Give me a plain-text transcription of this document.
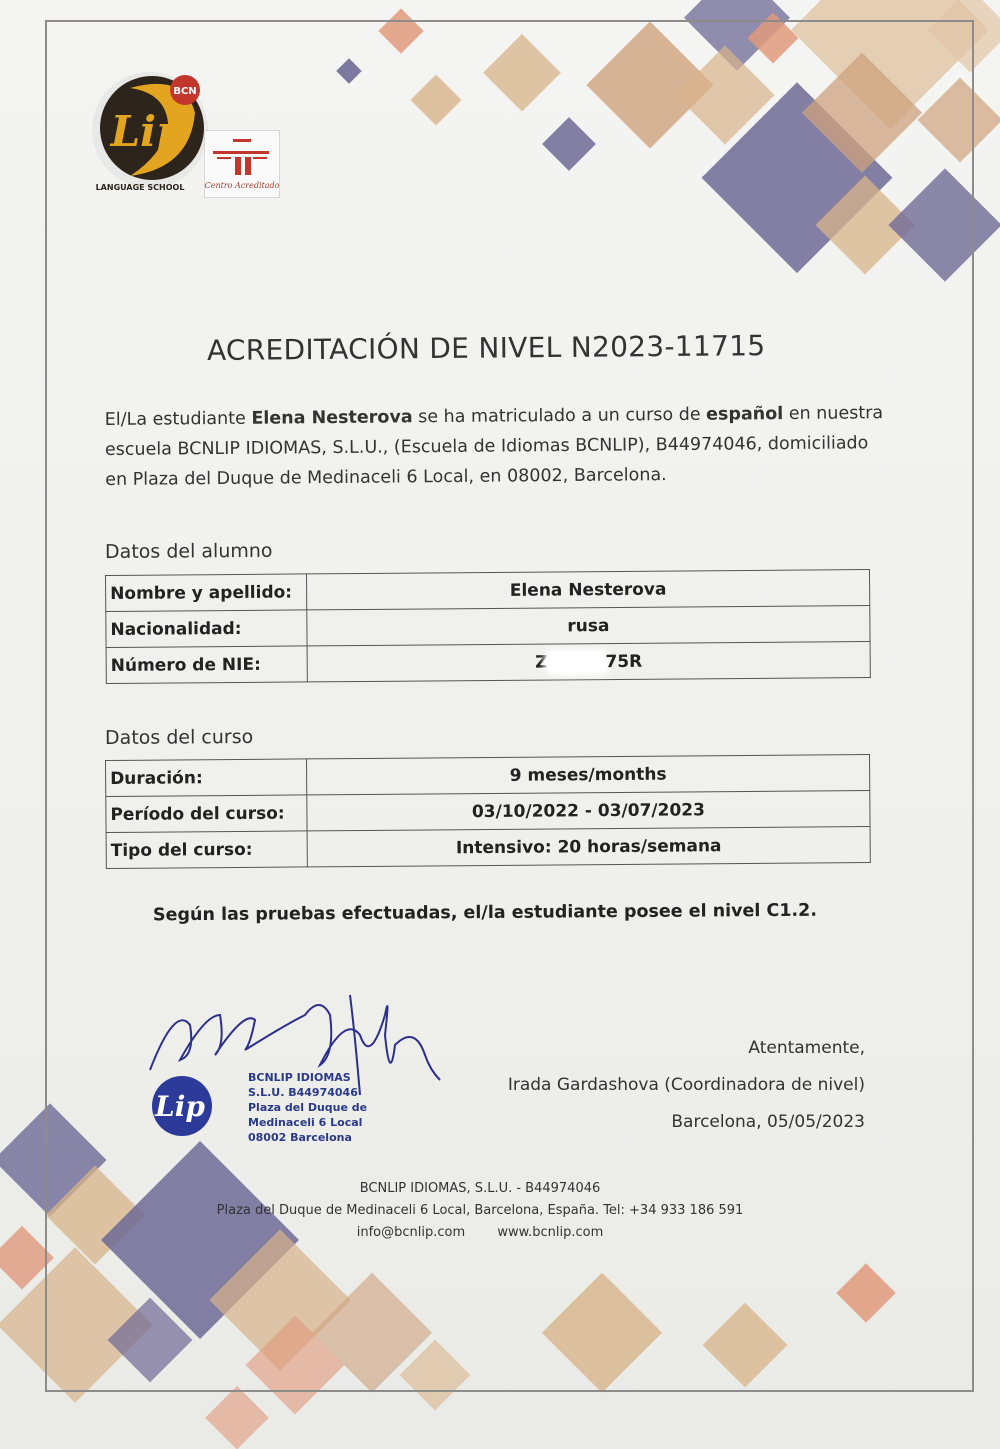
BCN
Lip
LANGUAGE SCHOOL	Centro Acreditado
ACREDITACIÓN DE NIVEL N2023-11715
El/La estudiante Elena Nesterova se ha matriculado a un curso de español en nuestra escuela BCNLIP IDIOMAS, S.L.U., (Escuela de Idiomas BCNLIP), B44974046, domiciliado en Plaza del Duque de Medinaceli 6 Local, en 08002, Barcelona.
Datos del alumno
Nombre y apellido:	Elena Nesterova
Nacionalidad:	rusa
Número de NIE:	Z 75R
Datos del curso
Duración:	9 meses/months
Período del curso:	03/10/2022 - 03/07/2023
Tipo del curso:	Intensivo: 20 horas/semana
Según las pruebas efectuadas, el/la estudiante posee el nivel C1.2.
Lip
BCNLIP IDIOMAS
S.L.U. B44974046
Plaza del Duque de
Medinaceli 6 Local
08002 Barcelona
Atentamente,
Irada Gardashova (Coordinadora de nivel)
Barcelona, 05/05/2023
BCNLIP IDIOMAS, S.L.U. - B44974046
Plaza del Duque de Medinaceli 6 Local, Barcelona, España. Tel: +34 933 186 591
info@bcnlip.com www.bcnlip.com
